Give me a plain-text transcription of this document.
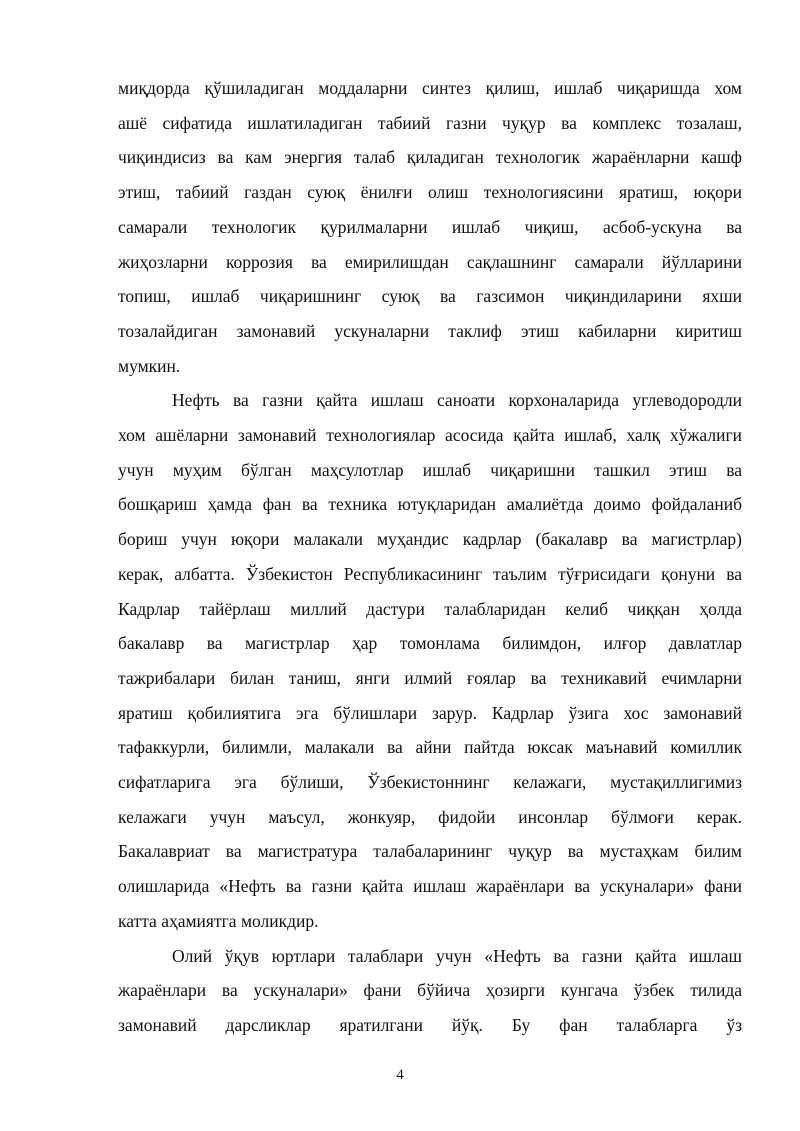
миқдорда қўшиладиган моддаларни синтез қилиш, ишлаб чиқаришда хом
ашё сифатида ишлатиладиган табиий газни чуқур ва комплекс тозалаш,
чиқиндисиз ва кам энергия талаб қиладиган технологик жараёнларни кашф
этиш, табиий газдан суюқ ёнилғи олиш технологиясини яратиш, юқори
самарали технологик қурилмаларни ишлаб чиқиш, асбоб-ускуна ва
жиҳозларни коррозия ва емирилишдан сақлашнинг самарали йўлларини
топиш, ишлаб чиқаришнинг суюқ ва газсимон чиқиндиларини яхши
тозалайдиган замонавий ускуналарни таклиф этиш кабиларни киритиш
мумкин.
Нефть ва газни қайта ишлаш саноати корхоналарида углеводородли
хом ашёларни замонавий технологиялар асосида қайта ишлаб, халқ хўжалиги
учун муҳим бўлган маҳсулотлар ишлаб чиқаришни ташкил этиш ва
бошқариш ҳамда фан ва техника ютуқларидан амалиётда доимо фойдаланиб
бориш учун юқори малакали муҳандис кадрлар (бакалавр ва магистрлар)
керак, албатта. Ўзбекистон Республикасининг таълим тўғрисидаги қонуни ва
Кадрлар тайёрлаш миллий дастури талабларидан келиб чиққан ҳолда
бакалавр ва магистрлар ҳар томонлама билимдон, илғор давлатлар
тажрибалари билан таниш, янги илмий ғоялар ва техникавий ечимларни
яратиш қобилиятига эга бўлишлари зарур. Кадрлар ўзига хос замонавий
тафаккурли, билимли, малакали ва айни пайтда юксак маънавий комиллик
сифатларига эга бўлиши, Ўзбекистоннинг келажаги, мустақиллигимиз
келажаги учун маъсул, жонкуяр, фидойи инсонлар бўлмоғи керак.
Бакалавриат ва магистратура талабаларининг чуқур ва мустаҳкам билим
олишларида «Нефть ва газни қайта ишлаш жараёнлари ва ускуналари» фани
катта аҳамиятга моликдир.
Олий ўқув юртлари талаблари учун «Нефть ва газни қайта ишлаш
жараёнлари ва ускуналари» фани бўйича ҳозирги кунгача ўзбек тилида
замонавий дарсликлар яратилгани йўқ. Бу фан талабларга ўз
4
